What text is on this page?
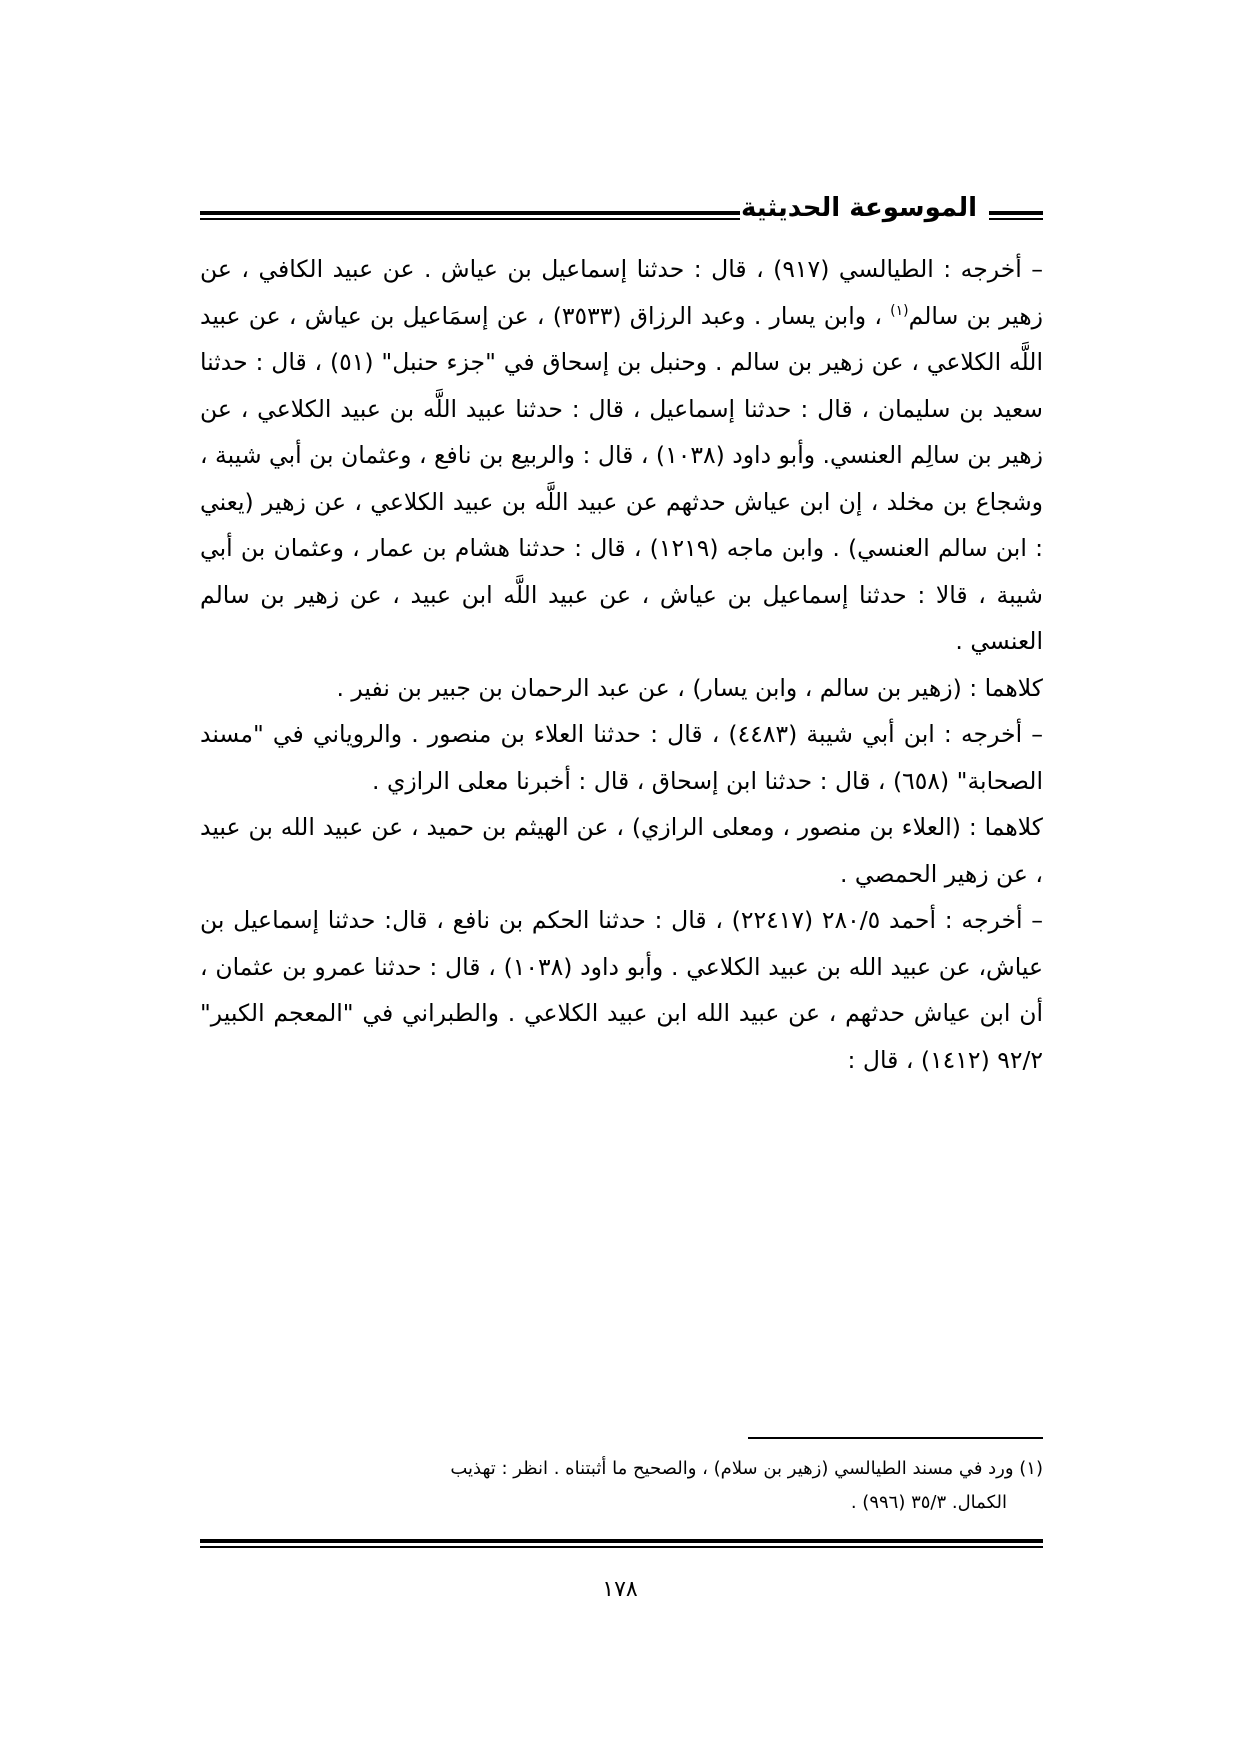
الموسوعة الحديثية

– أخرجه : الطيالسي (٩١٧) ، قال : حدثنا إسماعيل بن عياش . عن عبيد الكافي ، عن زهير بن سالم$^{(١)}$ ، وابن يسار . وعبد الرزاق (٣٥٣٣) ، عن إسمَاعيل بن عياش ، عن عبيد اللَّه الكلاعي ، عن زهير بن سالم . وحنبل بن إسحاق في "جزء حنبل" (٥١) ، قال : حدثنا سعيد بن سليمان ، قال : حدثنا إسماعيل ، قال : حدثنا عبيد اللَّه بن عبيد الكلاعي ، عن زهير بن سالِم العنسي. وأبو داود (١٠٣٨) ، قال : والربيع بن نافع ، وعثمان بن أبي شيبة ، وشجاع بن مخلد ، إن ابن عياش حدثهم عن عبيد اللَّه بن عبيد الكلاعي ، عن زهير (يعني : ابن سالم العنسي) . وابن ماجه (١٢١٩) ، قال : حدثنا هشام بن عمار ، وعثمان بن أبي شيبة ، قالا : حدثنا إسماعيل بن عياش ، عن عبيد اللَّه ابن عبيد ، عن زهير بن سالم العنسي .

كلاهما : (زهير بن سالم ، وابن يسار) ، عن عبد الرحمان بن جبير بن نفير .

– أخرجه : ابن أبي شيبة (٤٤٨٣) ، قال : حدثنا العلاء بن منصور . والروياني في "مسند الصحابة" (٦٥٨) ، قال : حدثنا ابن إسحاق ، قال : أخبرنا معلى الرازي .

كلاهما : (العلاء بن منصور ، ومعلى الرازي) ، عن الهيثم بن حميد ، عن عبيد الله بن عبيد ، عن زهير الحمصي .

– أخرجه : أحمد ٢٨٠/٥ (٢٢٤١٧) ، قال : حدثنا الحكم بن نافع ، قال: حدثنا إسماعيل بن عياش، عن عبيد الله بن عبيد الكلاعي . وأبو داود (١٠٣٨) ، قال : حدثنا عمرو بن عثمان ، أن ابن عياش حدثهم ، عن عبيد الله ابن عبيد الكلاعي . والطبراني في "المعجم الكبير" ٩٢/٢ (١٤١٢) ، قال :

(١) ورد في مسند الطيالسي (زهير بن سلام) ، والصحيح ما أثبتناه . انظر : تهذيب
الكمال. ٣٥/٣ (٩٩٦) .
١٧٨
